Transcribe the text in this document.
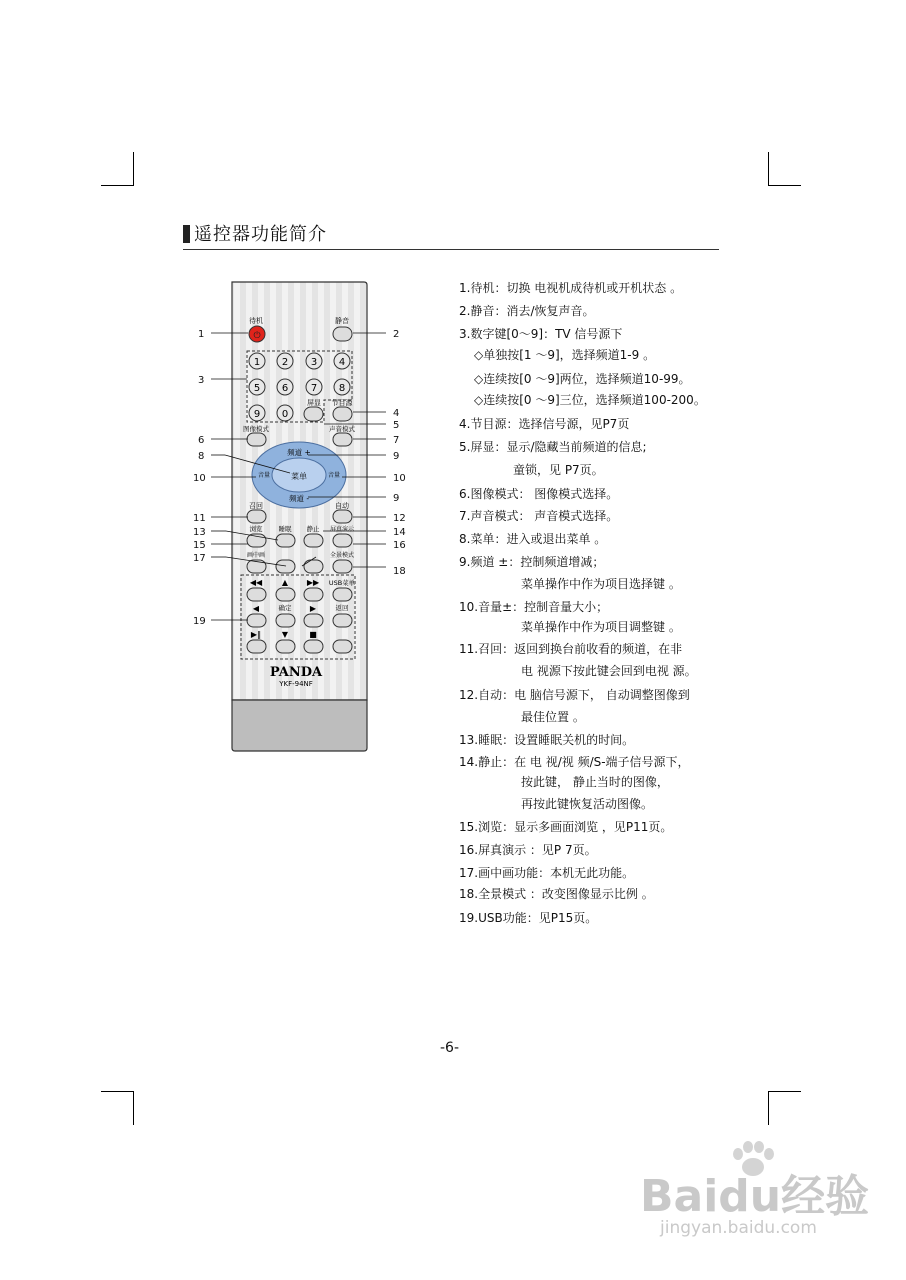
遥控器功能简介
待机
⏻
静音
1 2 3 4
5 6 7 8
9 0
屏显 节目源
图像模式	声音模式
菜单
频道 +
频道 -
音量	音量
召回	自动
浏览 睡眠 静止 屏真演示
画中画	全景模式
◀◀ ▲ ▶▶ USB菜单
◀	确定 ▶	返回
▶‖	▼	■
PANDA
YKF-94NF
1	2
3
4
5
6	7
8	9
10	10
9
11	12
13	14
15	16
17
18
19
1.待机：切换 电视机成待机或开机状态 。
2.静音：消去/恢复声音。
3.数字键[0～9]：TV 信号源下
◇单独按[1 ～9]，选择频道1-9 。
◇连续按[0 ～9]两位，选择频道10-99。
◇连续按[0 ～9]三位，选择频道100-200。
4.节目源：选择信号源，见P7页
5.屏显：显示/隐藏当前频道的信息;
童锁，见 P7页。
6.图像模式： 图像模式选择。
7.声音模式： 声音模式选择。
8.菜单：进入或退出菜单 。
9.频道 ±：控制频道增减；
菜单操作中作为项目选择键 。
10.音量±：控制音量大小；
菜单操作中作为项目调整键 。
11.召回：返回到换台前收看的频道，在非
电 视源下按此键会回到电视 源。
12.自动：电 脑信号源下， 自动调整图像到
最佳位置 。
13.睡眠：设置睡眠关机的时间。
14.静止：在 电 视/视 频/S-端子信号源下，
按此键， 静止当时的图像，
再按此键恢复活动图像。
15.浏览：显示多画面浏览 ，见P11页。
16.屏真演示 ：见P 7页。
17.画中画功能：本机无此功能。
18.全景模式 ：改变图像显示比例 。
19.USB功能：见P15页。
-6-
Baidu经验
jingyan.baidu.com
